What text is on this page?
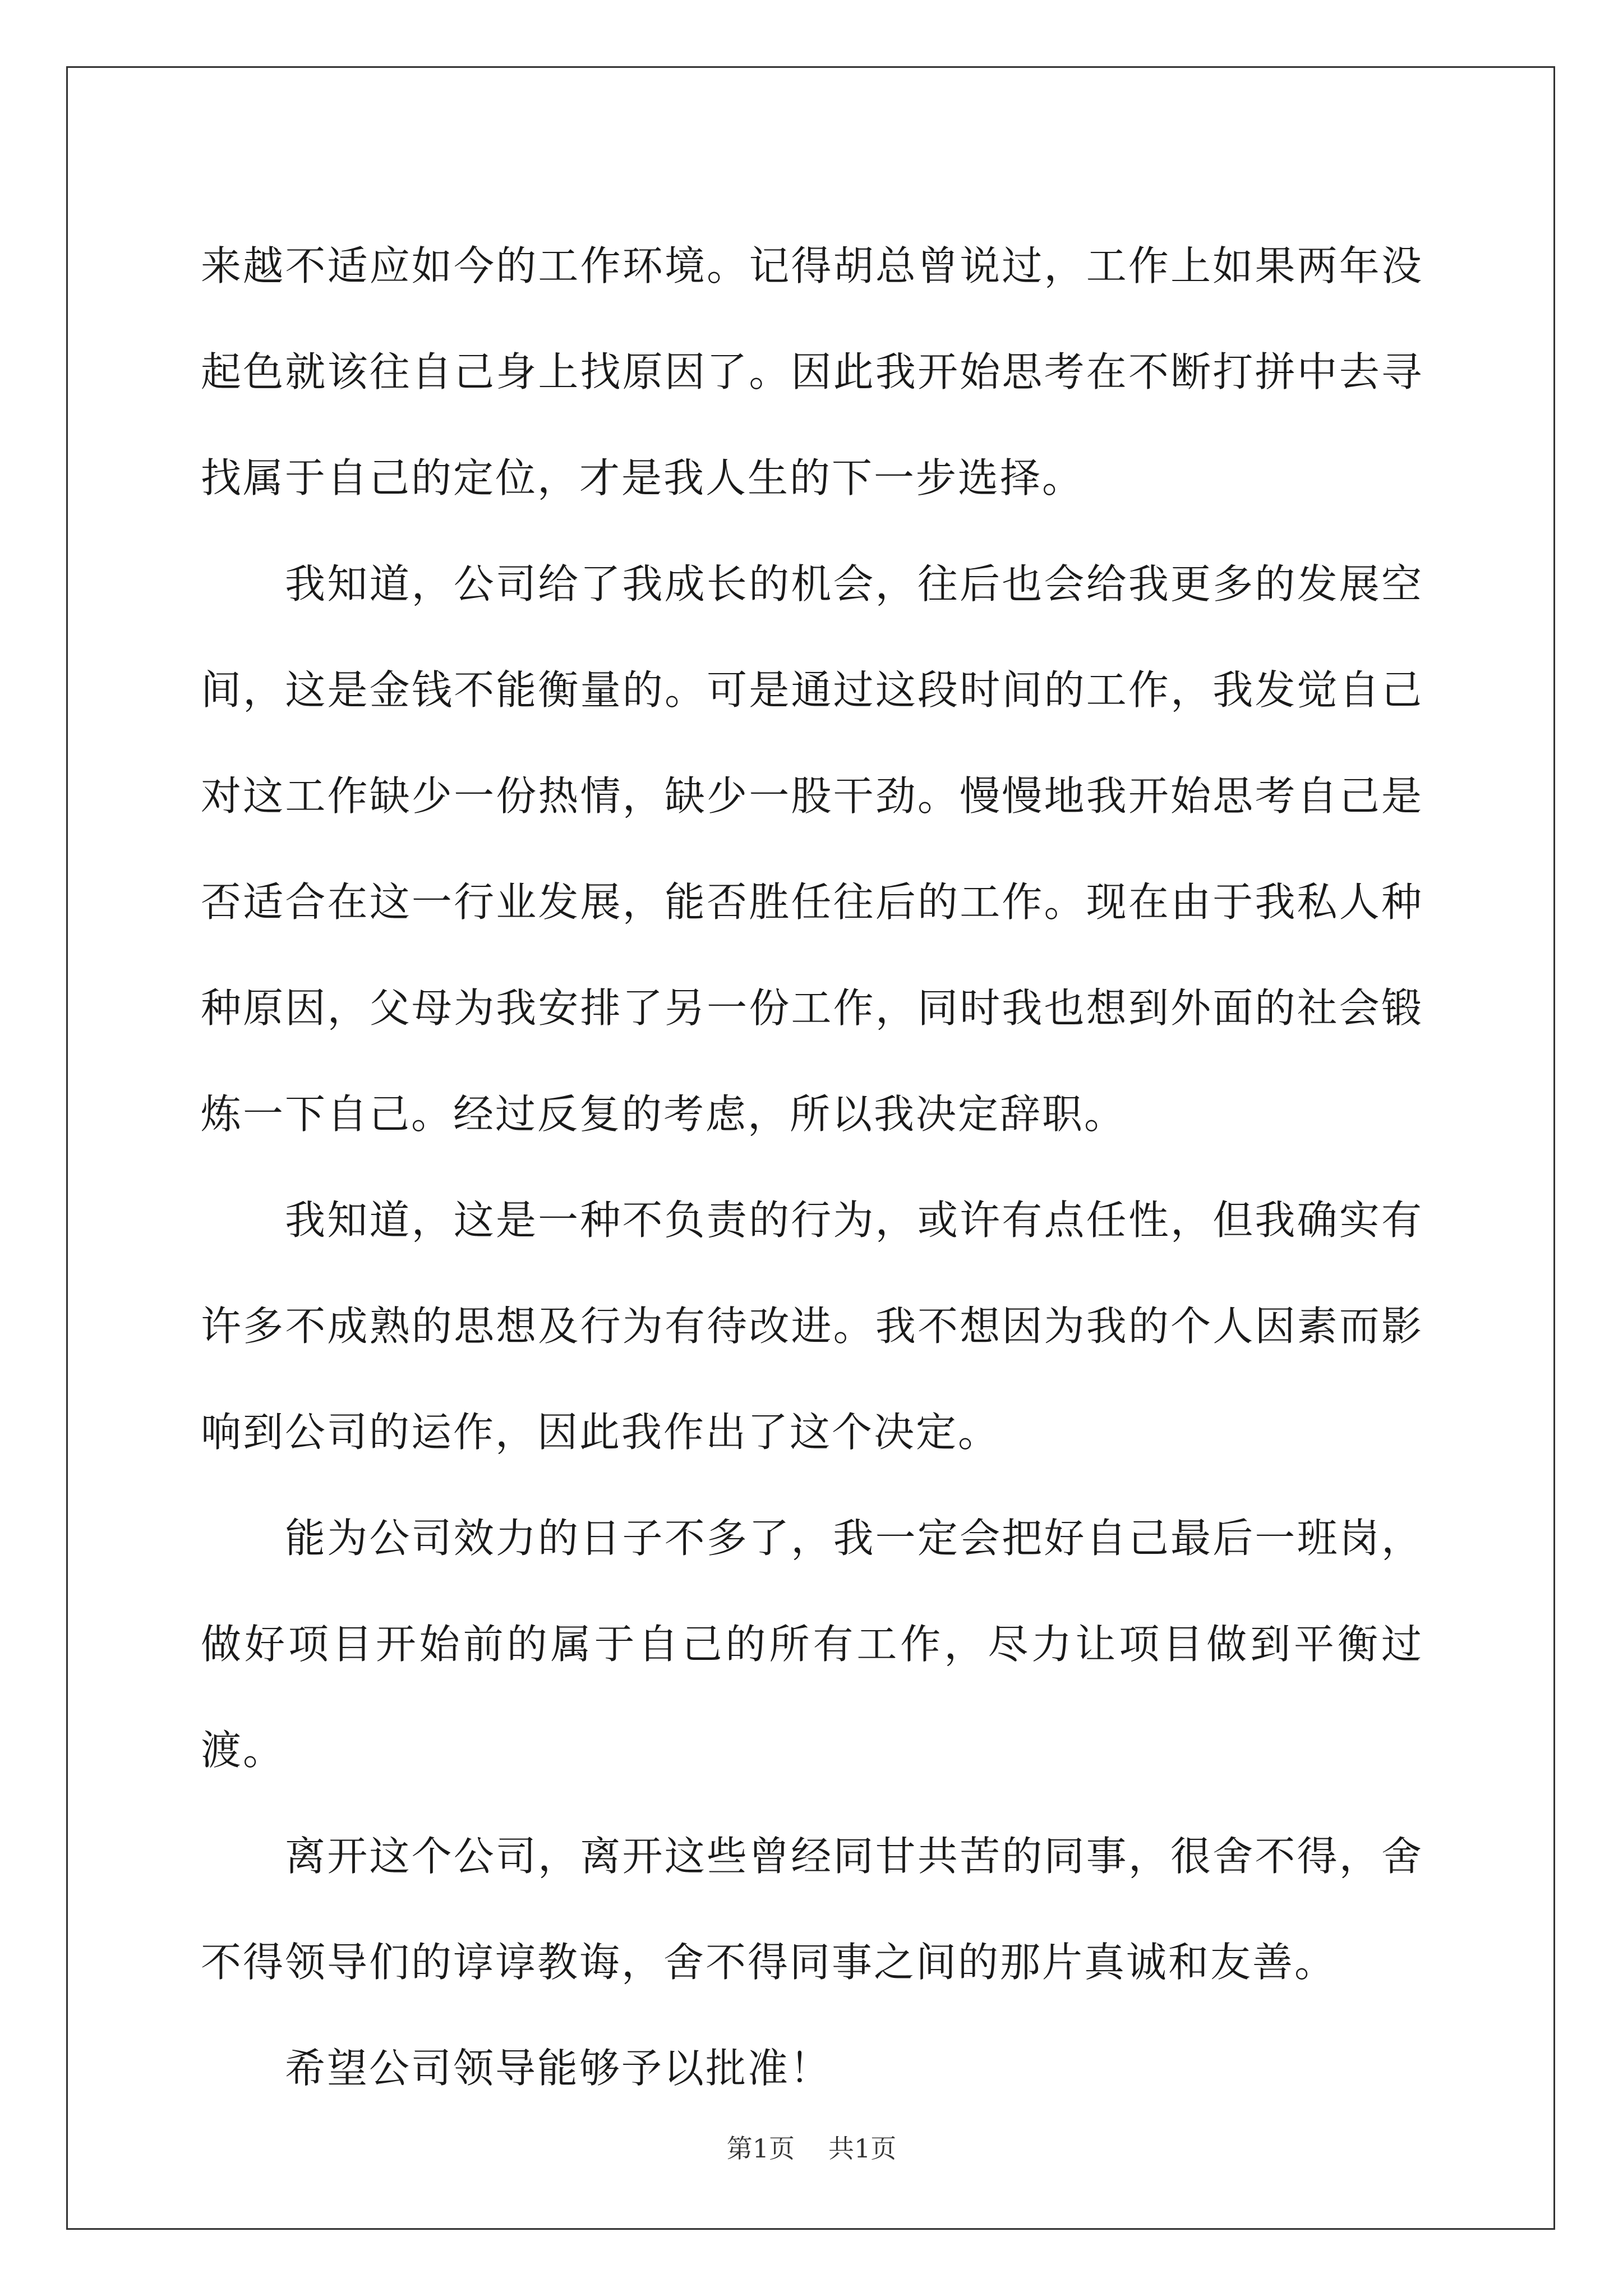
来越不适应如今的工作环境。记得胡总曾说过，工作上如果两年没起色就该往自己身上找原因了。因此我开始思考在不断打拼中去寻找属于自己的定位，才是我人生的下一步选择。

我知道，公司给了我成长的机会，往后也会给我更多的发展空间，这是金钱不能衡量的。可是通过这段时间的工作，我发觉自己对这工作缺少一份热情，缺少一股干劲。慢慢地我开始思考自己是否适合在这一行业发展，能否胜任往后的工作。现在由于我私人种种原因，父母为我安排了另一份工作，同时我也想到外面的社会锻炼一下自己。经过反复的考虑，所以我决定辞职。

我知道，这是一种不负责的行为，或许有点任性，但我确实有许多不成熟的思想及行为有待改进。我不想因为我的个人因素而影响到公司的运作，因此我作出了这个决定。

能为公司效力的日子不多了，我一定会把好自己最后一班岗，做好项目开始前的属于自己的所有工作，尽力让项目做到平衡过渡。

离开这个公司，离开这些曾经同甘共苦的同事，很舍不得，舍不得领导们的谆谆教诲，舍不得同事之间的那片真诚和友善。

希望公司领导能够予以批准！

第1页 共1页
